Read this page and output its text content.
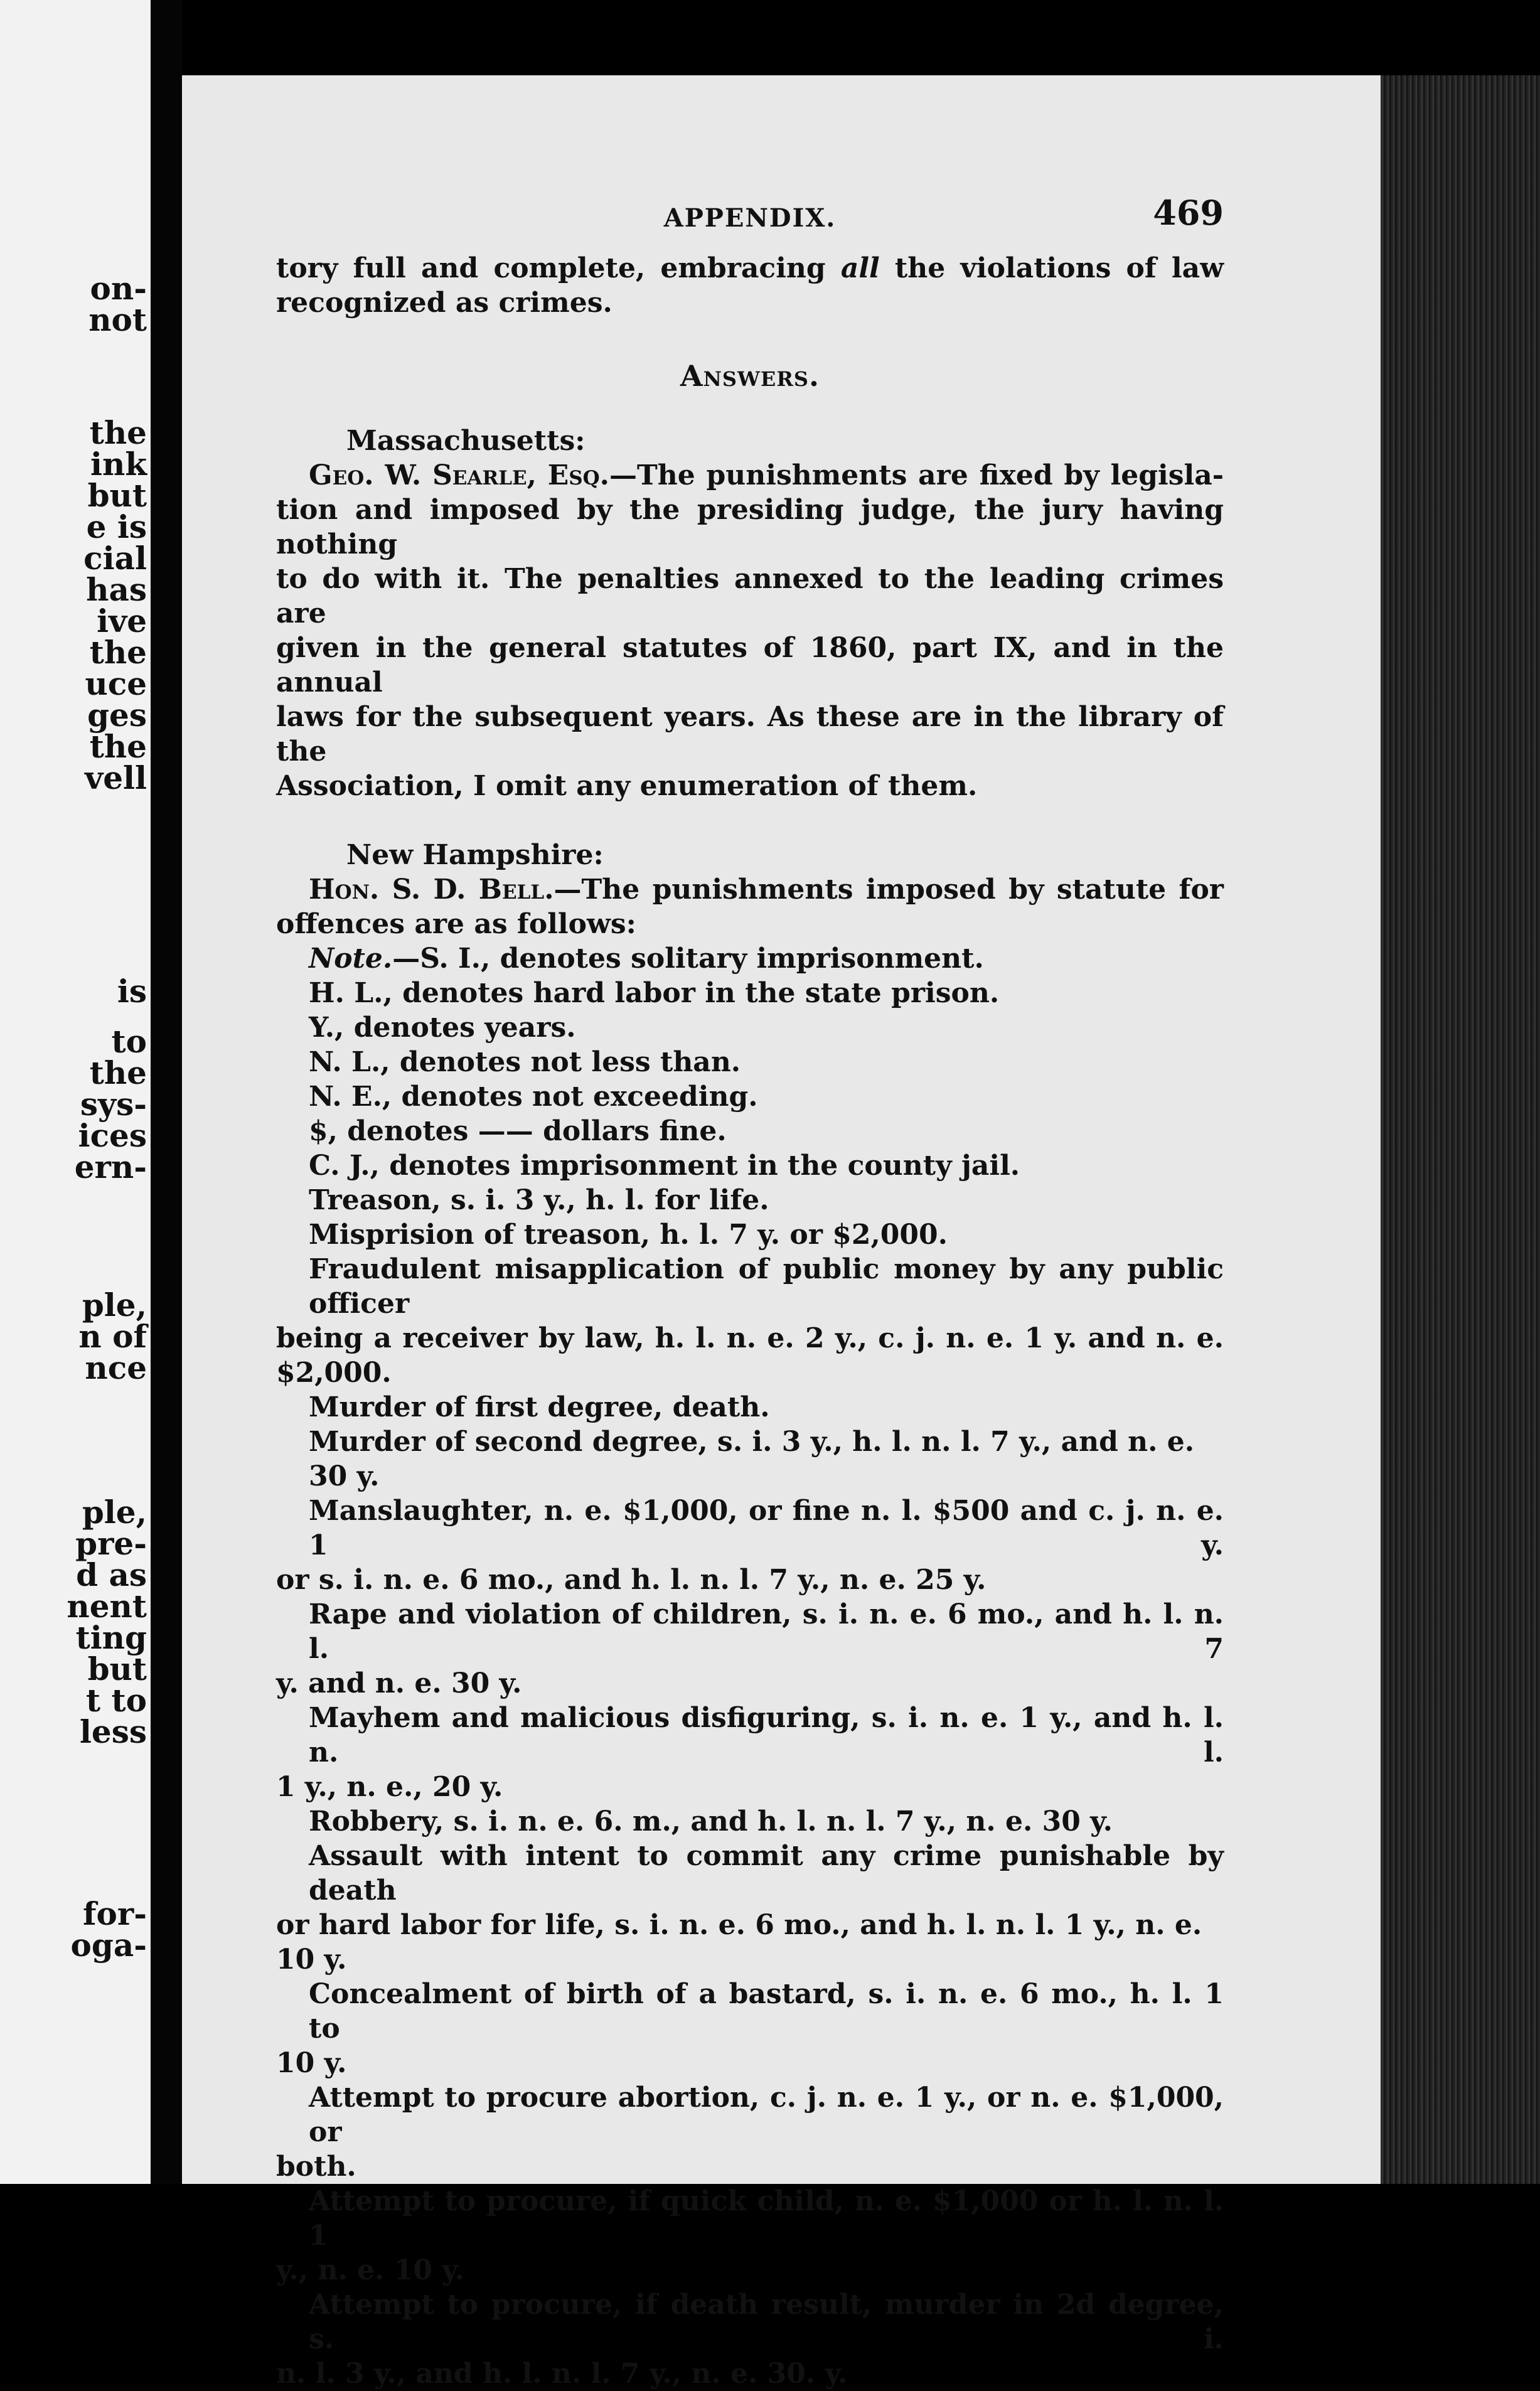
on-
not
the
ink
but
e is
cial
has
ive
the
uce
ges
the
vell
is
to
the
sys-
ices
ern-
ple,
n of
nce
ple,
pre-
d as
nent
ting
but
t to
less
for-
oga-
APPENDIX.	469
tory full and complete, embracing all the violations of law
recognized as crimes.
Answers.
Massachusetts:
Geo. W. Searle, Esq.—The punishments are fixed by legisla-
tion and imposed by the presiding judge, the jury having nothing
to do with it. The penalties annexed to the leading crimes are
given in the general statutes of 1860, part IX, and in the annual
laws for the subsequent years. As these are in the library of the
Association, I omit any enumeration of them.
New Hampshire:
Hon. S. D. Bell.—The punishments imposed by statute for
offences are as follows:
Note.—S. I., denotes solitary imprisonment.
H. L., denotes hard labor in the state prison.
Y., denotes years.
N. L., denotes not less than.
N. E., denotes not exceeding.
$, denotes —— dollars fine.
C. J., denotes imprisonment in the county jail.
Treason, s. i. 3 y., h. l. for life.
Misprision of treason, h. l. 7 y. or $2,000.
Fraudulent misapplication of public money by any public officer
being a receiver by law, h. l. n. e. 2 y., c. j. n. e. 1 y. and n. e.
$2,000.
Murder of first degree, death.
Murder of second degree, s. i. 3 y., h. l. n. l. 7 y., and n. e. 30 y.
Manslaughter, n. e. $1,000, or fine n. l. $500 and c. j. n. e. 1 y.
or s. i. n. e. 6 mo., and h. l. n. l. 7 y., n. e. 25 y.
Rape and violation of children, s. i. n. e. 6 mo., and h. l. n. l. 7
y. and n. e. 30 y.
Mayhem and malicious disfiguring, s. i. n. e. 1 y., and h. l. n. l.
1 y., n. e., 20 y.
Robbery, s. i. n. e. 6. m., and h. l. n. l. 7 y., n. e. 30 y.
Assault with intent to commit any crime punishable by death
or hard labor for life, s. i. n. e. 6 mo., and h. l. n. l. 1 y., n. e. 10 y.
Concealment of birth of a bastard, s. i. n. e. 6 mo., h. l. 1 to
10 y.
Attempt to procure abortion, c. j. n. e. 1 y., or n. e. $1,000, or
both.
Attempt to procure, if quick child, n. e. $1,000 or h. l. n. l. 1
y., n. e. 10 y.
Attempt to procure, if death result, murder in 2d degree, s. i.
n. l. 3 y., and h. l. n. l. 7 y., n. e. 30. y.
